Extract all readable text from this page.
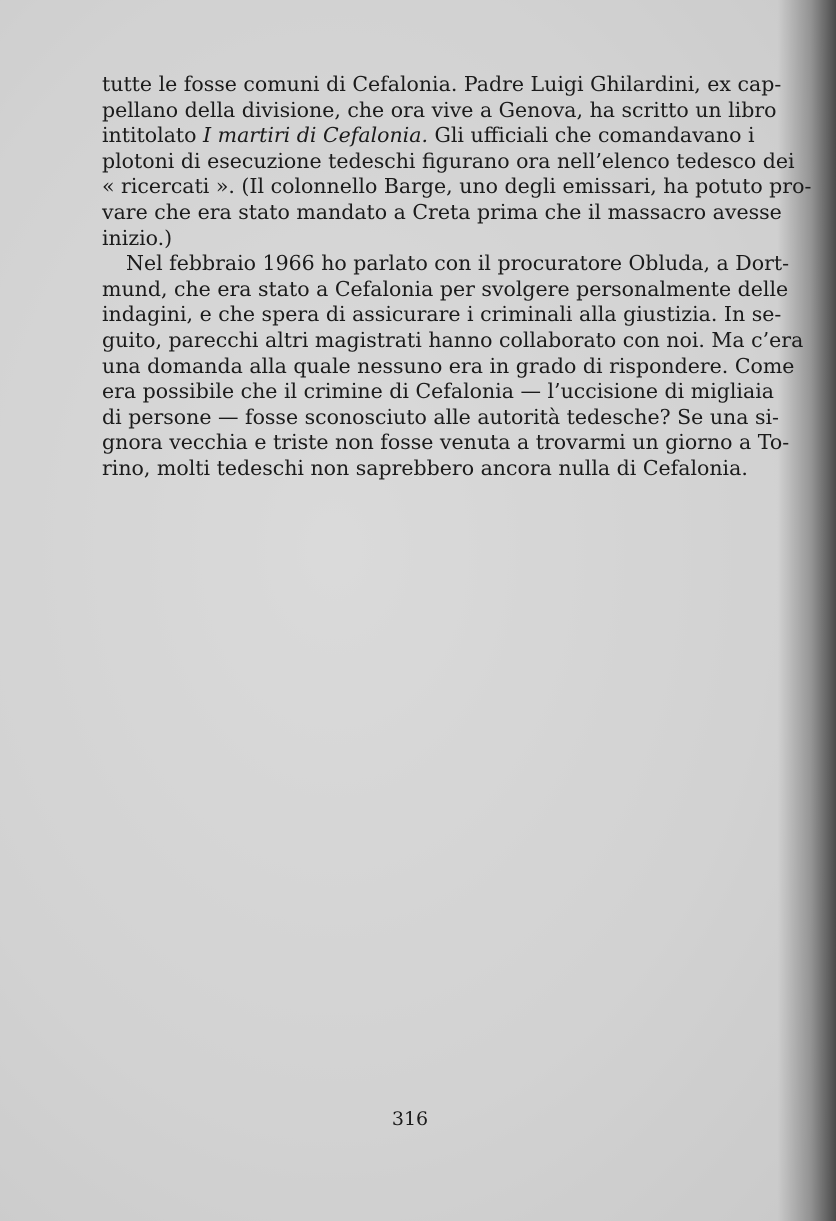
tutte le fosse comuni di Cefalonia. Padre Luigi Ghilardini, ex cap-
pellano della divisione, che ora vive a Genova, ha scritto un libro
intitolato I martiri di Cefalonia. Gli ufficiali che comandavano i
plotoni di esecuzione tedeschi figurano ora nell’elenco tedesco dei
« ricercati ». (Il colonnello Barge, uno degli emissari, ha potuto pro-
vare che era stato mandato a Creta prima che il massacro avesse
inizio.)
Nel febbraio 1966 ho parlato con il procuratore Obluda, a Dort-
mund, che era stato a Cefalonia per svolgere personalmente delle
indagini, e che spera di assicurare i criminali alla giustizia. In se-
guito, parecchi altri magistrati hanno collaborato con noi. Ma c’era
una domanda alla quale nessuno era in grado di rispondere. Come
era possibile che il crimine di Cefalonia — l’uccisione di migliaia
di persone — fosse sconosciuto alle autorità tedesche? Se una si-
gnora vecchia e triste non fosse venuta a trovarmi un giorno a To-
rino, molti tedeschi non saprebbero ancora nulla di Cefalonia.
316
